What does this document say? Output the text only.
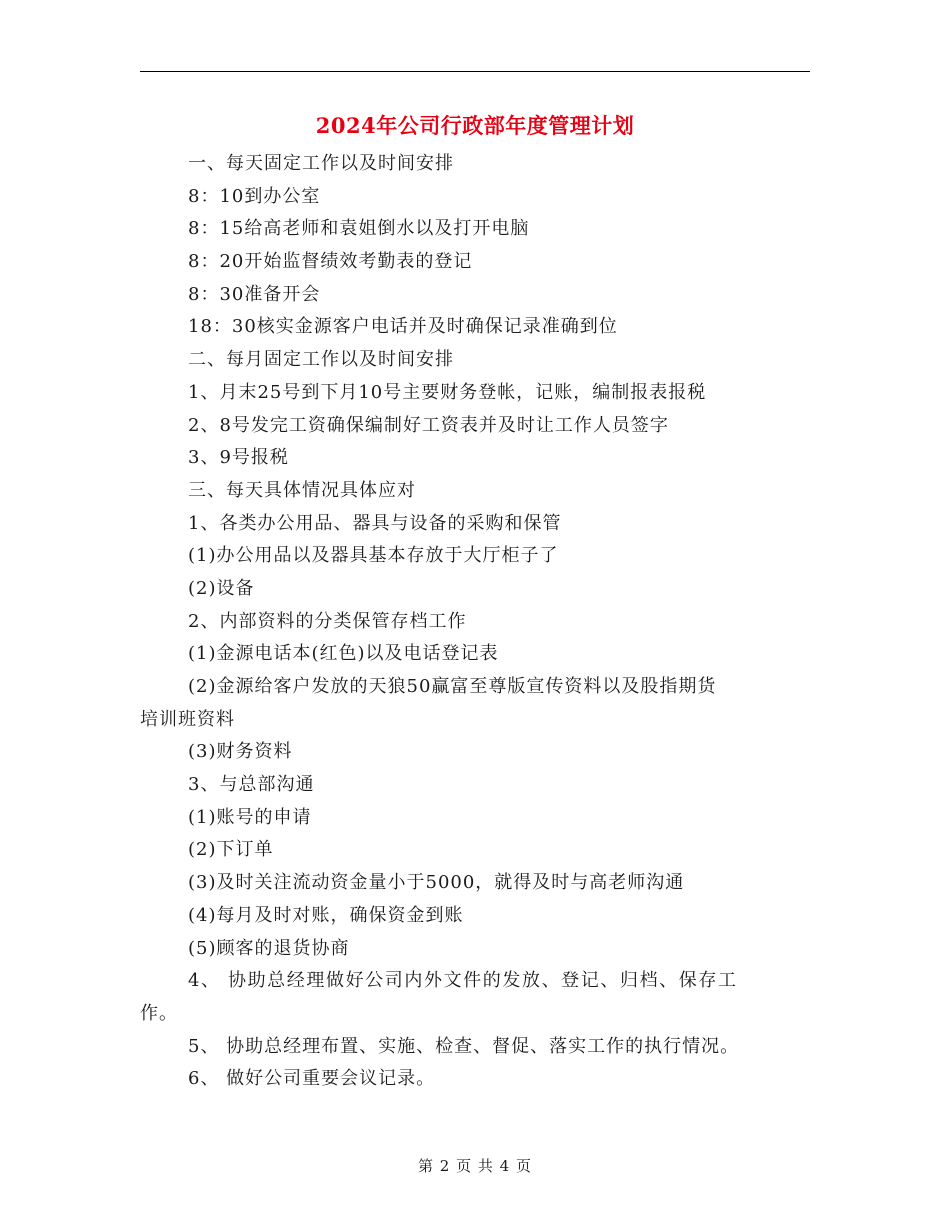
2024年公司行政部年度管理计划

一、每天固定工作以及时间安排

8：10到办公室

8：15给高老师和袁姐倒水以及打开电脑

8：20开始监督绩效考勤表的登记

8：30准备开会

18：30核实金源客户电话并及时确保记录准确到位

二、每月固定工作以及时间安排

1、月末25号到下月10号主要财务登帐，记账，编制报表报税

2、8号发完工资确保编制好工资表并及时让工作人员签字

3、9号报税

三、每天具体情况具体应对

1、各类办公用品、器具与设备的采购和保管

(1)办公用品以及器具基本存放于大厅柜子了

(2)设备

2、内部资料的分类保管存档工作

(1)金源电话本(红色)以及电话登记表

(2)金源给客户发放的天狼50赢富至尊版宣传资料以及股指期货

培训班资料

(3)财务资料

3、与总部沟通

(1)账号的申请

(2)下订单

(3)及时关注流动资金量小于5000，就得及时与高老师沟通

(4)每月及时对账，确保资金到账

(5)顾客的退货协商

4、 协助总经理做好公司内外文件的发放、登记、归档、保存工

作。

5、 协助总经理布置、实施、检查、督促、落实工作的执行情况。

6、 做好公司重要会议记录。

第 2 页 共 4 页
